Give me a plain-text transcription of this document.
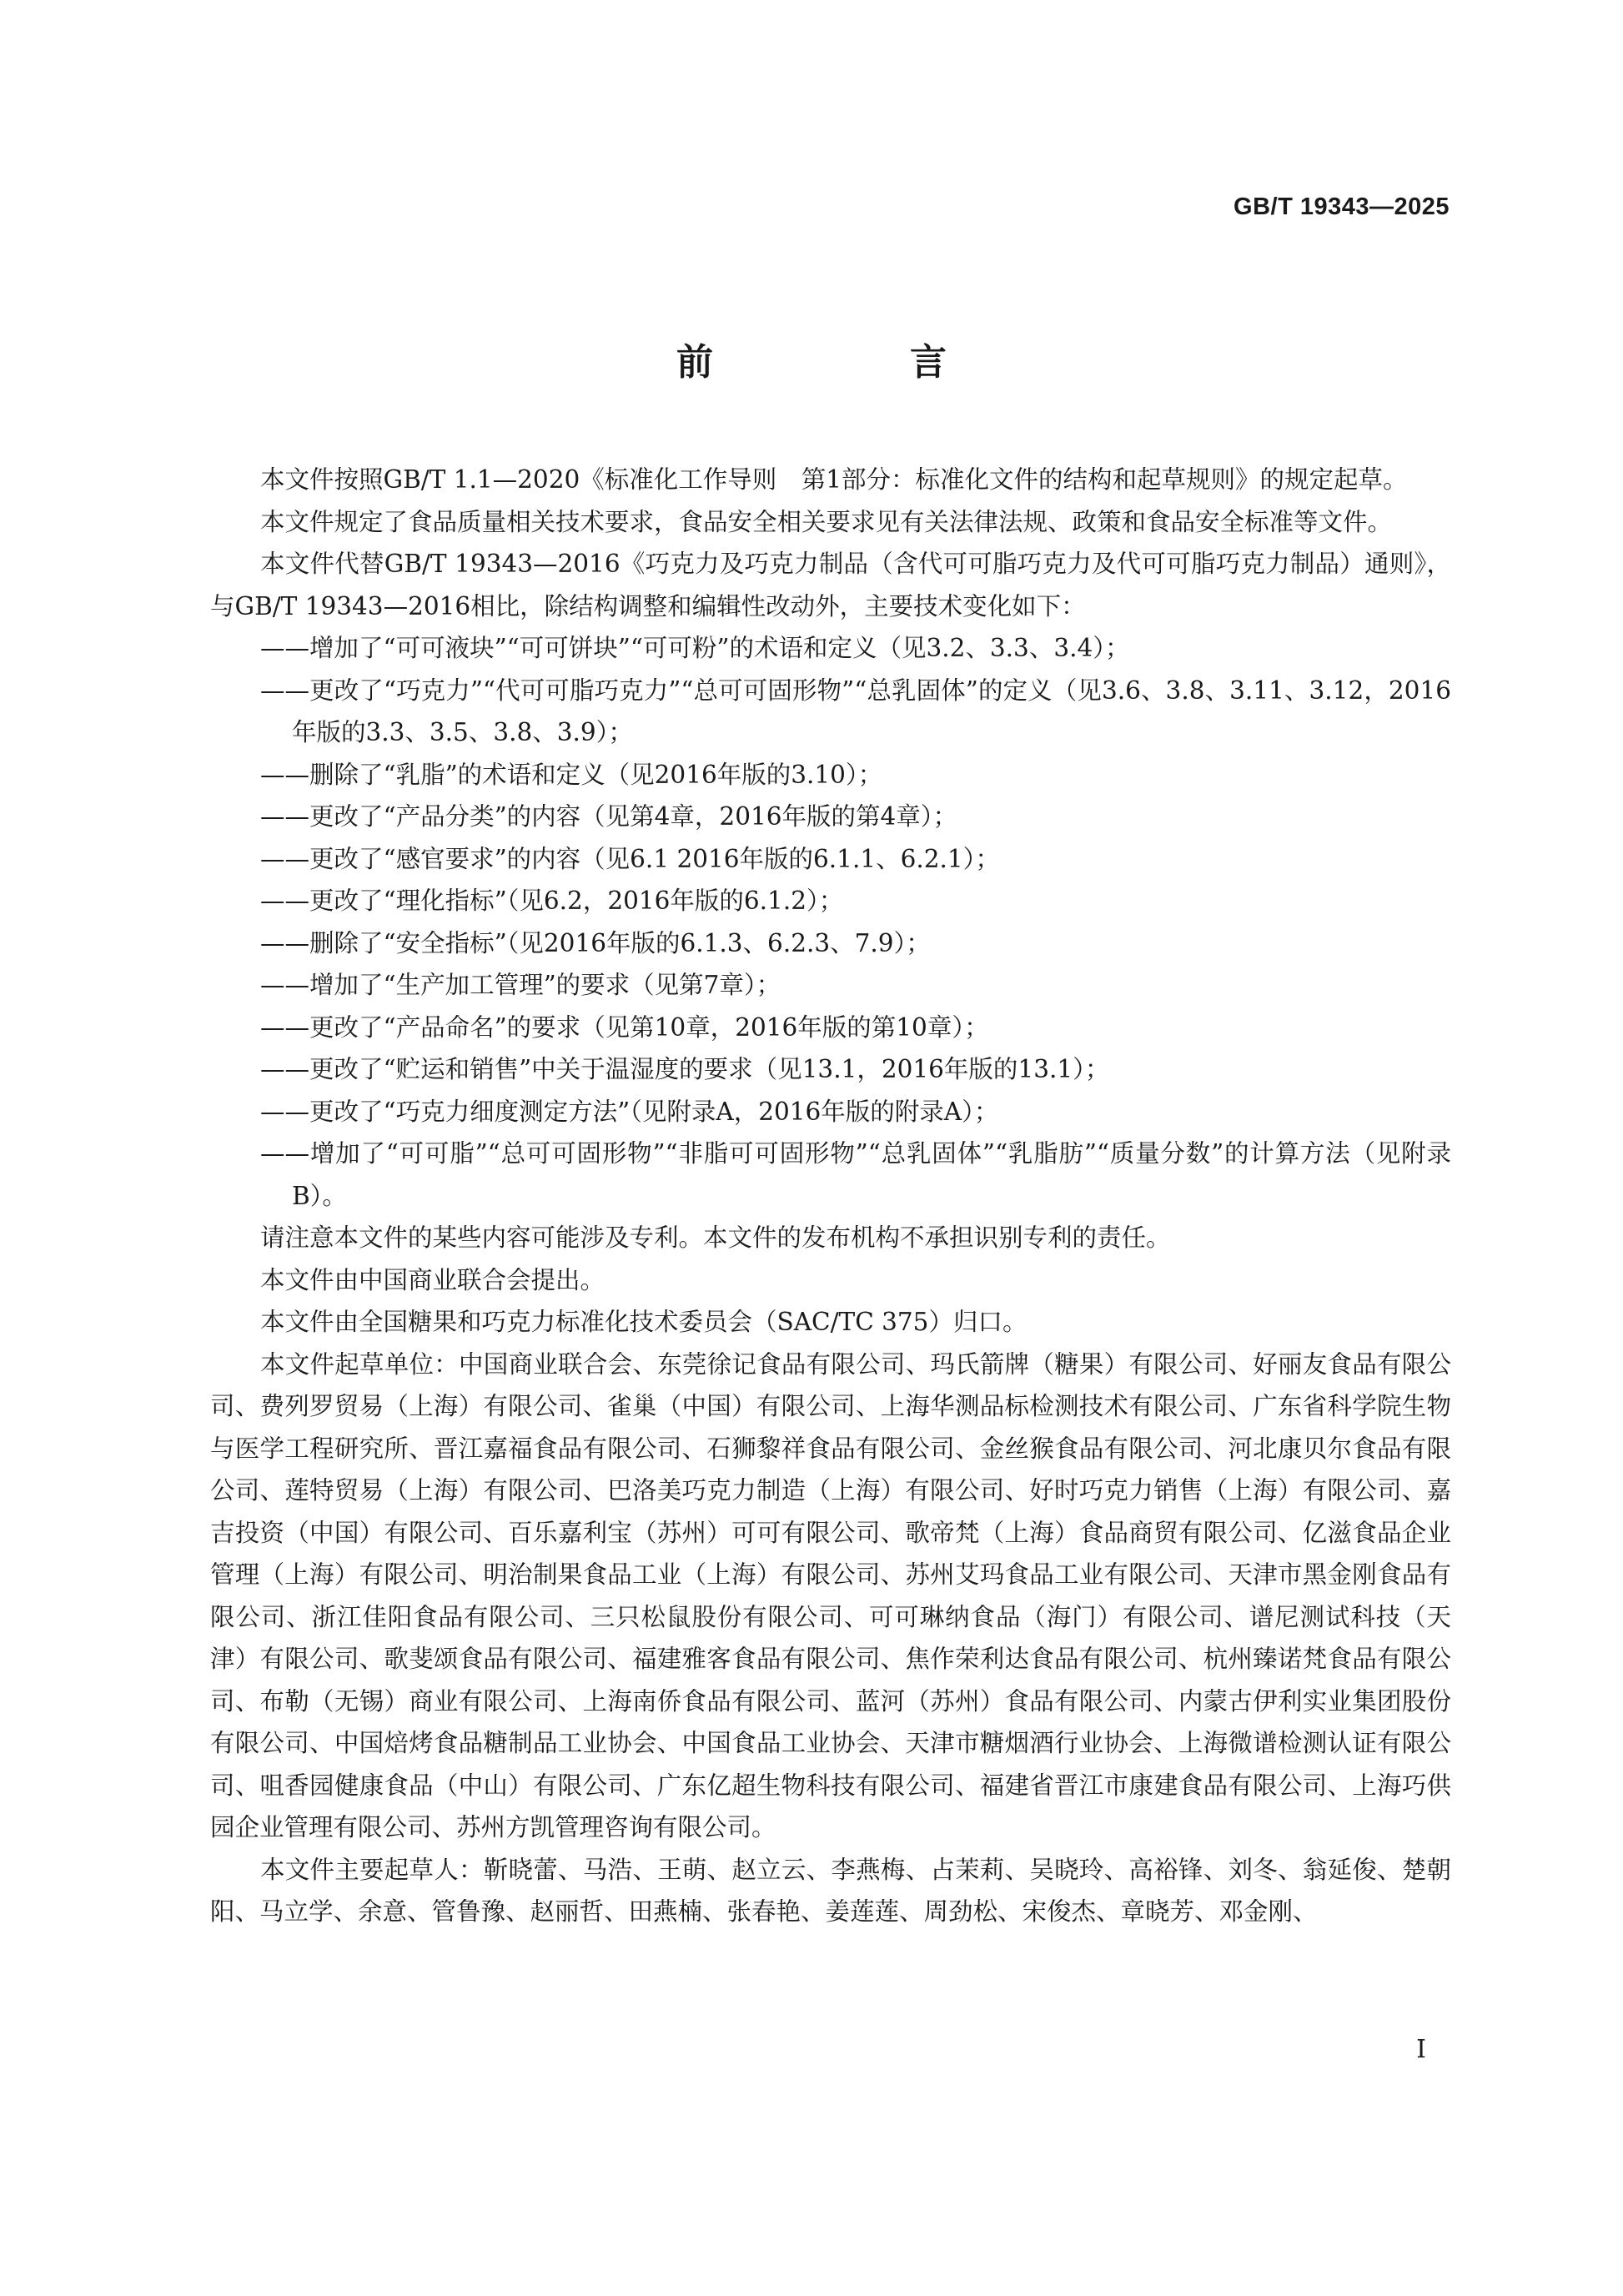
GB/T 19343—2025
前　言

本文件按照GB/T 1.1—2020《标准化工作导则　第1部分：标准化文件的结构和起草规则》的规定起草。

本文件规定了食品质量相关技术要求，食品安全相关要求见有关法律法规、政策和食品安全标准等文件。

本文件代替GB/T 19343—2016《巧克力及巧克力制品（含代可可脂巧克力及代可可脂巧克力制品）通则》，与GB/T 19343—2016相比，除结构调整和编辑性改动外，主要技术变化如下：

——增加了“可可液块”“可可饼块”“可可粉”的术语和定义（见3.2、3.3、3.4）；

——更改了“巧克力”“代可可脂巧克力”“总可可固形物”“总乳固体”的定义（见3.6、3.8、3.11、3.12，2016年版的3.3、3.5、3.8、3.9）；

——删除了“乳脂”的术语和定义（见2016年版的3.10）；

——更改了“产品分类”的内容（见第4章，2016年版的第4章）；

——更改了“感官要求”的内容（见6.1 2016年版的6.1.1、6.2.1）；

——更改了“理化指标”（见6.2，2016年版的6.1.2）；

——删除了“安全指标”（见2016年版的6.1.3、6.2.3、7.9）；

——增加了“生产加工管理”的要求（见第7章）；

——更改了“产品命名”的要求（见第10章，2016年版的第10章）；

——更改了“贮运和销售”中关于温湿度的要求（见13.1，2016年版的13.1）；

——更改了“巧克力细度测定方法”（见附录A，2016年版的附录A）；

——增加了“可可脂”“总可可固形物”“非脂可可固形物”“总乳固体”“乳脂肪”“质量分数”的计算方法（见附录B）。

请注意本文件的某些内容可能涉及专利。本文件的发布机构不承担识别专利的责任。

本文件由中国商业联合会提出。

本文件由全国糖果和巧克力标准化技术委员会（SAC/TC 375）归口。

本文件起草单位：中国商业联合会、东莞徐记食品有限公司、玛氏箭牌（糖果）有限公司、好丽友食品有限公司、费列罗贸易（上海）有限公司、雀巢（中国）有限公司、上海华测品标检测技术有限公司、广东省科学院生物与医学工程研究所、晋江嘉福食品有限公司、石狮黎祥食品有限公司、金丝猴食品有限公司、河北康贝尔食品有限公司、莲特贸易（上海）有限公司、巴洛美巧克力制造（上海）有限公司、好时巧克力销售（上海）有限公司、嘉吉投资（中国）有限公司、百乐嘉利宝（苏州）可可有限公司、歌帝梵（上海）食品商贸有限公司、亿滋食品企业管理（上海）有限公司、明治制果食品工业（上海）有限公司、苏州艾玛食品工业有限公司、天津市黑金刚食品有限公司、浙江佳阳食品有限公司、三只松鼠股份有限公司、可可琳纳食品（海门）有限公司、谱尼测试科技（天津）有限公司、歌斐颂食品有限公司、福建雅客食品有限公司、焦作荣利达食品有限公司、杭州臻诺梵食品有限公司、布勒（无锡）商业有限公司、上海南侨食品有限公司、蓝河（苏州）食品有限公司、内蒙古伊利实业集团股份有限公司、中国焙烤食品糖制品工业协会、中国食品工业协会、天津市糖烟酒行业协会、上海微谱检测认证有限公司、咀香园健康食品（中山）有限公司、广东亿超生物科技有限公司、福建省晋江市康建食品有限公司、上海巧供园企业管理有限公司、苏州方凯管理咨询有限公司。

本文件主要起草人：靳晓蕾、马浩、王萌、赵立云、李燕梅、占茉莉、吴晓玲、高裕锋、刘冬、翁延俊、楚朝阳、马立学、余意、管鲁豫、赵丽哲、田燕楠、张春艳、姜莲莲、周劲松、宋俊杰、章晓芳、邓金刚、

I
